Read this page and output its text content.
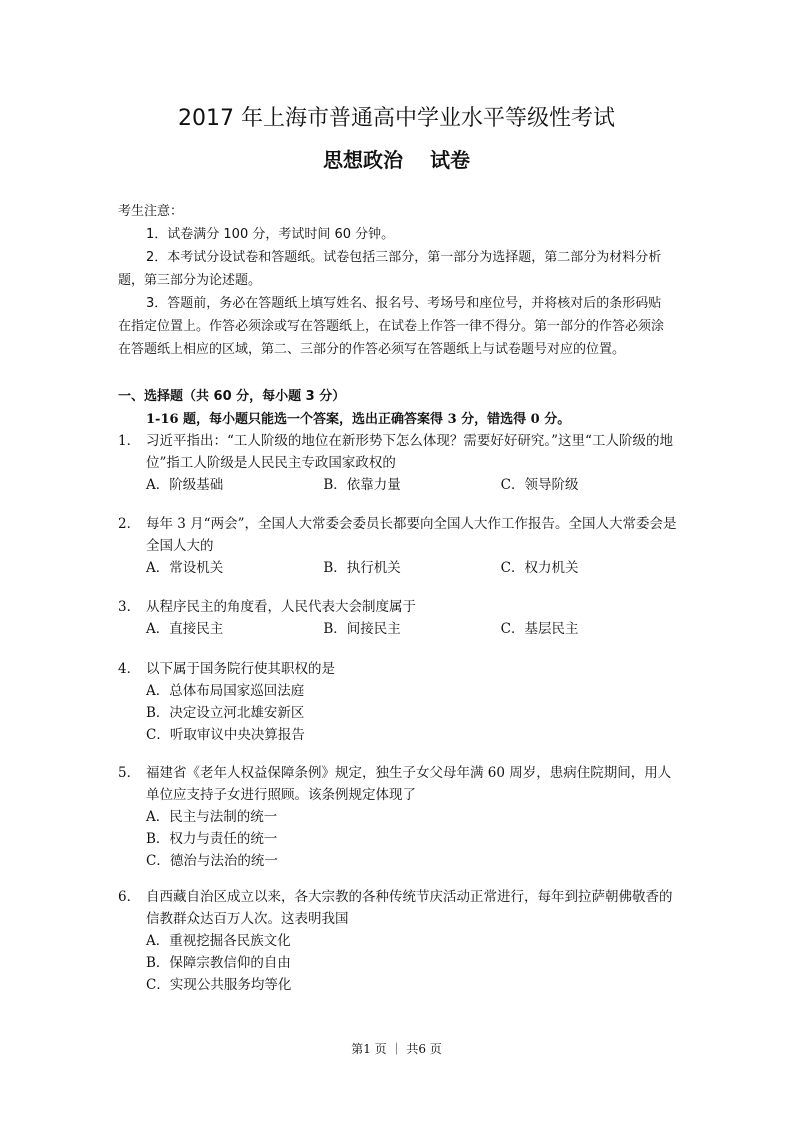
2017 年上海市普通高中学业水平等级性考试
思想政治　 试卷

考生注意：

1．试卷满分 100 分，考试时间 60 分钟。

2．本考试分设试卷和答题纸。试卷包括三部分，第一部分为选择题，第二部分为材料分析题，第三部分为论述题。

3．答题前，务必在答题纸上填写姓名、报名号、考场号和座位号，并将核对后的条形码贴在指定位置上。作答必须涂或写在答题纸上，在试卷上作答一律不得分。第一部分的作答必须涂在答题纸上相应的区域，第二、三部分的作答必须写在答题纸上与试卷题号对应的位置。

一、选择题（共 60 分，每小题 3 分）
1-16 题，每小题只能选一个答案，选出正确答案得 3 分，错选得 0 分。
1． 习近平指出：“工人阶级的地位在新形势下怎么体现？需要好好研究。”这里“工人阶级的地位”指工人阶级是人民民主专政国家政权的
A．阶级基础	B．依靠力量	C．领导阶级
2． 每年 3 月“两会”，全国人大常委会委员长都要向全国人大作工作报告。全国人大常委会是全国人大的
A．常设机关	B．执行机关	C．权力机关
3． 从程序民主的角度看，人民代表大会制度属于
A．直接民主	B．间接民主	C．基层民主
4． 以下属于国务院行使其职权的是
A．总体布局国家巡回法庭
B．决定设立河北雄安新区
C．听取审议中央决算报告
5． 福建省《老年人权益保障条例》规定，独生子女父母年满 60 周岁，患病住院期间，用人单位应支持子女进行照顾。该条例规定体现了
A．民主与法制的统一
B．权力与责任的统一
C．德治与法治的统一
6． 自西藏自治区成立以来，各大宗教的各种传统节庆活动正常进行，每年到拉萨朝佛敬香的信教群众达百万人次。这表明我国
A．重视挖掘各民族文化
B．保障宗教信仰的自由
C．实现公共服务均等化
第1 页 ｜ 共6 页
